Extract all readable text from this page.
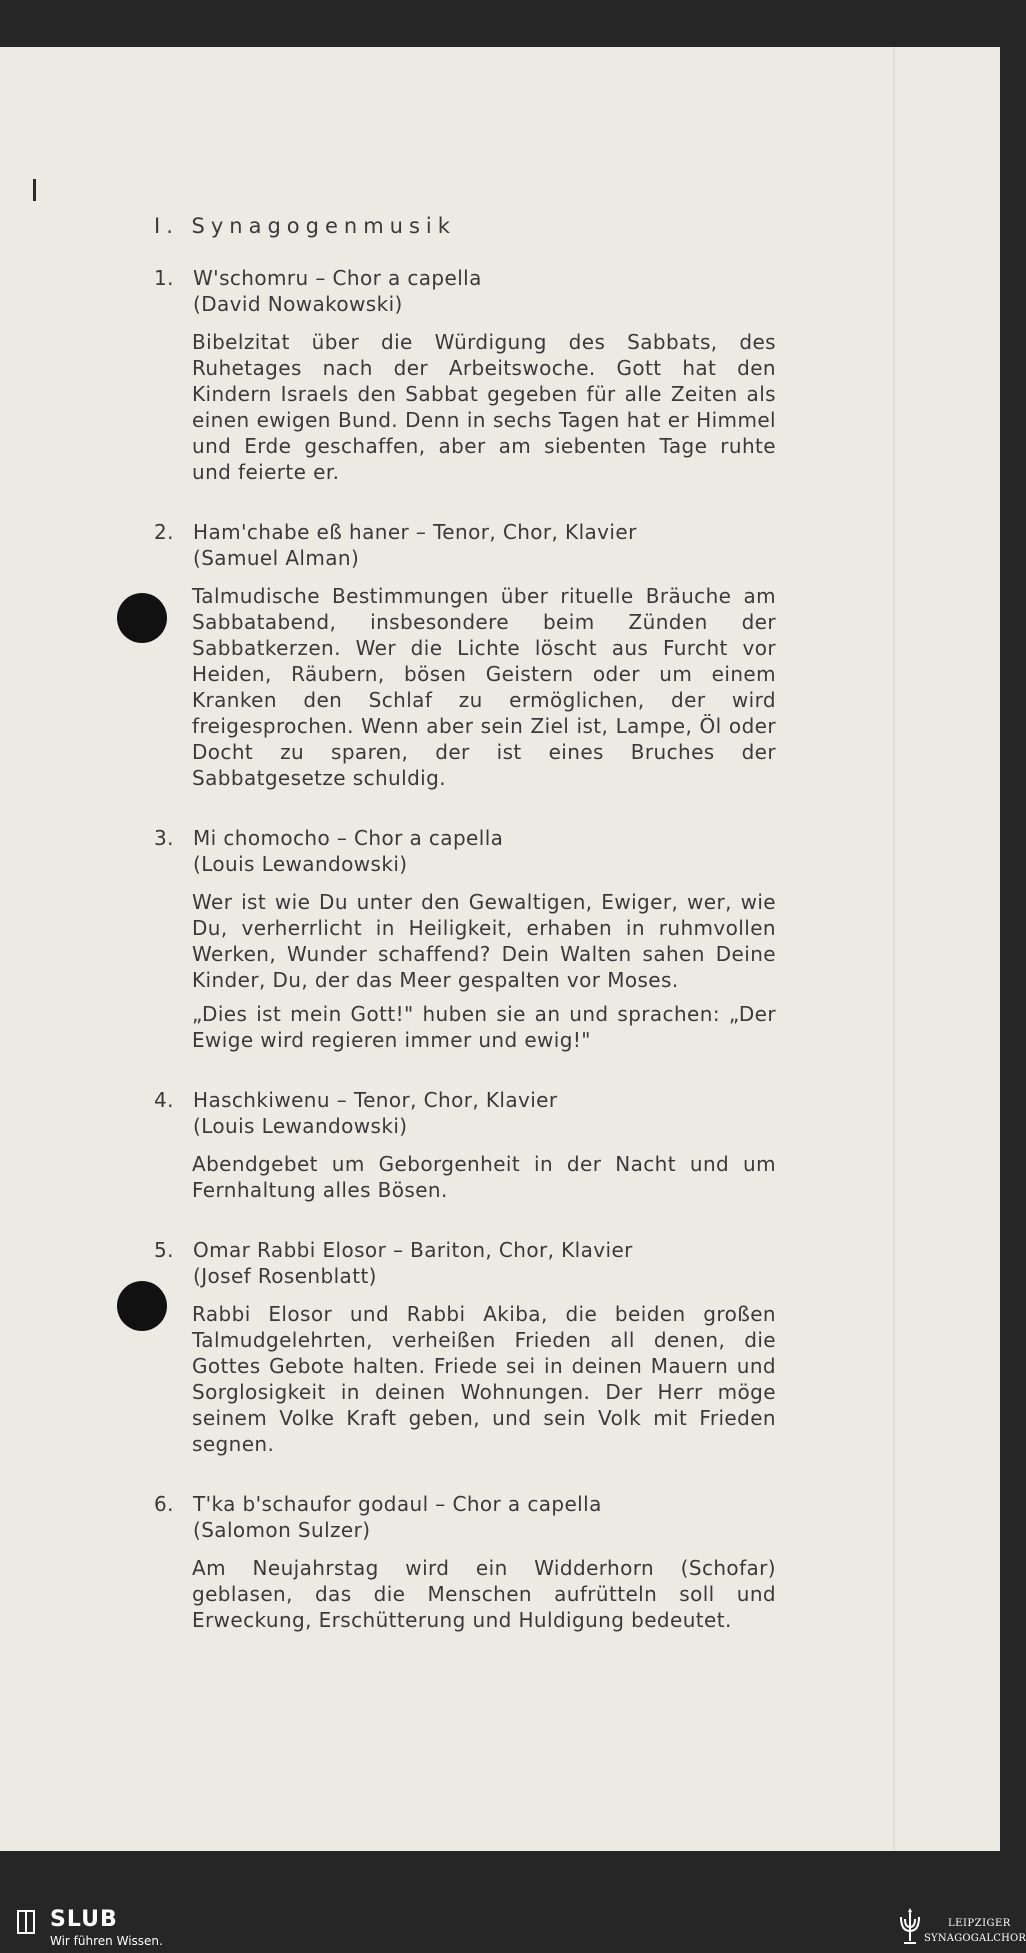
I. Synagogenmusik
1. W'schomru – Chor a capella
(David Nowakowski)

Bibelzitat über die Würdigung des Sabbats, des Ruhetages nach der Arbeitswoche. Gott hat den Kindern Israels den Sabbat gegeben für alle Zeiten als einen ewigen Bund. Denn in sechs Tagen hat er Himmel und Erde geschaffen, aber am siebenten Tage ruhte und feierte er.

2. Ham'chabe eß haner – Tenor, Chor, Klavier
(Samuel Alman)

Talmudische Bestimmungen über rituelle Bräuche am Sabbatabend, insbesondere beim Zünden der Sabbatkerzen. Wer die Lichte löscht aus Furcht vor Heiden, Räubern, bösen Geistern oder um einem Kranken den Schlaf zu ermöglichen, der wird freigesprochen. Wenn aber sein Ziel ist, Lampe, Öl oder Docht zu sparen, der ist eines Bruches der Sabbatgesetze schuldig.

3. Mi chomocho – Chor a capella
(Louis Lewandowski)

Wer ist wie Du unter den Gewaltigen, Ewiger, wer, wie Du, verherrlicht in Heiligkeit, erhaben in ruhmvollen Werken, Wunder schaffend? Dein Walten sahen Deine Kinder, Du, der das Meer gespalten vor Moses.

„Dies ist mein Gott!" huben sie an und sprachen: „Der Ewige wird regieren immer und ewig!"

4. Haschkiwenu – Tenor, Chor, Klavier
(Louis Lewandowski)

Abendgebet um Geborgenheit in der Nacht und um Fernhaltung alles Bösen.

5. Omar Rabbi Elosor – Bariton, Chor, Klavier
(Josef Rosenblatt)

Rabbi Elosor und Rabbi Akiba, die beiden großen Talmudgelehrten, verheißen Frieden all denen, die Gottes Gebote halten. Friede sei in deinen Mauern und Sorglosigkeit in deinen Wohnungen. Der Herr möge seinem Volke Kraft geben, und sein Volk mit Frieden segnen.

6. T'ka b'schaufor godaul – Chor a capella
(Salomon Sulzer)

Am Neujahrstag wird ein Widderhorn (Schofar) geblasen, das die Menschen aufrütteln soll und Erweckung, Erschütterung und Huldigung bedeutet.

SLUB
Wir führen Wissen.
LEIPZIGER
SYNAGOGALCHOR
